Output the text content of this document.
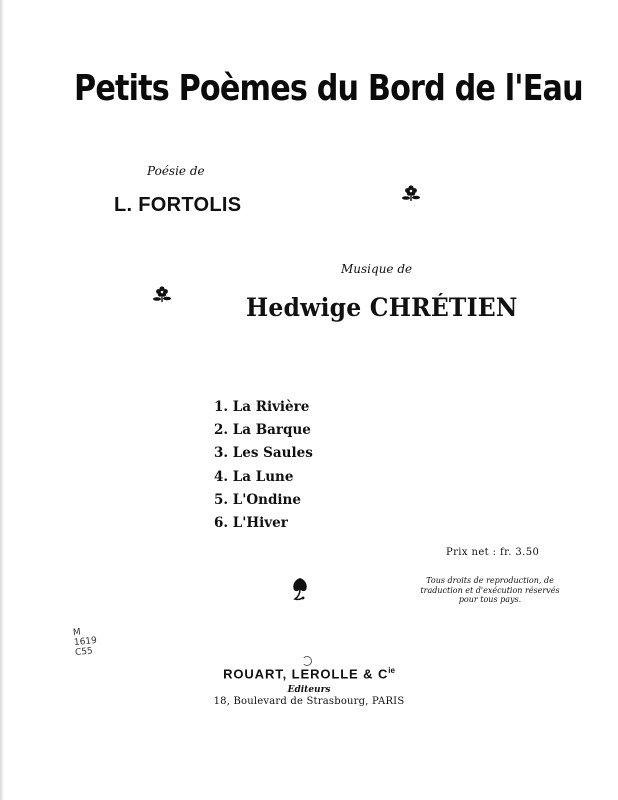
Petits Poèmes du Bord de l'Eau
Poésie de
L. FORTOLIS
Musique de
Hedwige CHRÉTIEN
1. La Rivière
2. La Barque
3. Les Saules
4. La Lune
5. L'Ondine
6. L'Hiver
Prix net : fr. 3.50
Tous droits de reproduction, de traduction et d'exécution réservés pour tous pays.
M
1619
C55
ROUART, LEROLLE & $C^{ie}$
Editeurs
18, Boulevard de Strasbourg, PARIS
